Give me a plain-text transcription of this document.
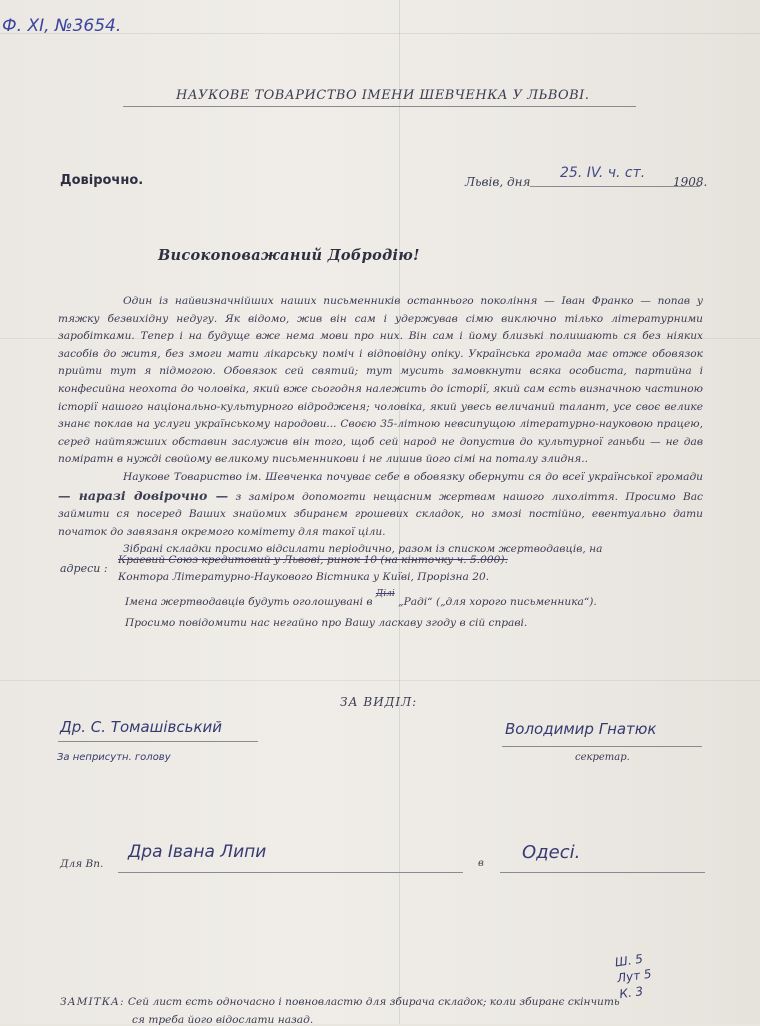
Ф. XI, №3654.
НАУКОВЕ ТОВАРИСТВО ІМЕНИ ШЕВЧЕНКА У ЛЬВОВІ.
Довірочно.	Львів, дня
25. IV. ч. ст.
1908.
Високоповажаний Добродію!

Один із найвизначнійших наших письменників останнього покоління — Іван Франко — попав у тяжку безвихідну недугу. Як відомо, жив він сам і удержував сімю виключно тілько літературними заробітками. Тепер і на будуще вже нема мови про них. Він сам і йому близькі полишають ся без ніяких засобів до житя, без змоги мати лікарську поміч і відповідну опіку. Українська громада має отже обовязок прийти тут я підмогою. Обовязок сей святий; тут мусить замовкнути всяка особиста, партийна і конфесийна неохота до чоловіка, який вже сьогодня належить до історії, який сам єсть визначною частиною історії нашого національно-культурного відродженя; чоловіка, який увесь величаний талант, усе своє велике знанє поклав на услуги українському народови... Своєю 35-літною невсипущою літературно-науковою працею, серед найтяжших обставин заслужив він того, щоб сей народ не допустив до культурної ганьби — не дав поміратн в нужді свойому великому письменникови і не лишив його сімі на поталу злидня..

Наукове Товариство ім. Шевченка почуває себе в обовязку обернути ся до всеї української громади — наразі довірочно — з заміром допомогти нещасним жертвам нашого лихоліття. Просимо Вас займити ся посеред Ваших знайомих збиранєм грошевих складок, но змозі постійно, евентуально дати початок до завязаня окремого комітету для такої ціли.

Зібрані складки просимо відсилати періодично, разом із списком жертводавців, на

адреси :
Краєвий Союз кредитовий у Львові, ринок 10 (на кінточку ч. 5.000).
Контора Літературно-Наукового Вістника у Київі, Прорізна 20.
Імена жертводавців будуть оголошувані в $^{Ділі}$ „Раді“ („для хорого письменника“).
Просимо повідомити нас негайно про Вашу ласкаву згоду в сій справі.
ЗА ВИДІЛ:
Др. С. Томашівський
За неприсутн. голову
Володимир Гнатюк
секретар.
Для Вп.
Дра Івана Липи
в
Одесі.
Ш. 5
Лут 5
К. 3
ЗАМІТКА: Сей лист єсть одночасно і повновластю для збирача складок; коли збиранє скінчить
ся треба його відослати назад.
